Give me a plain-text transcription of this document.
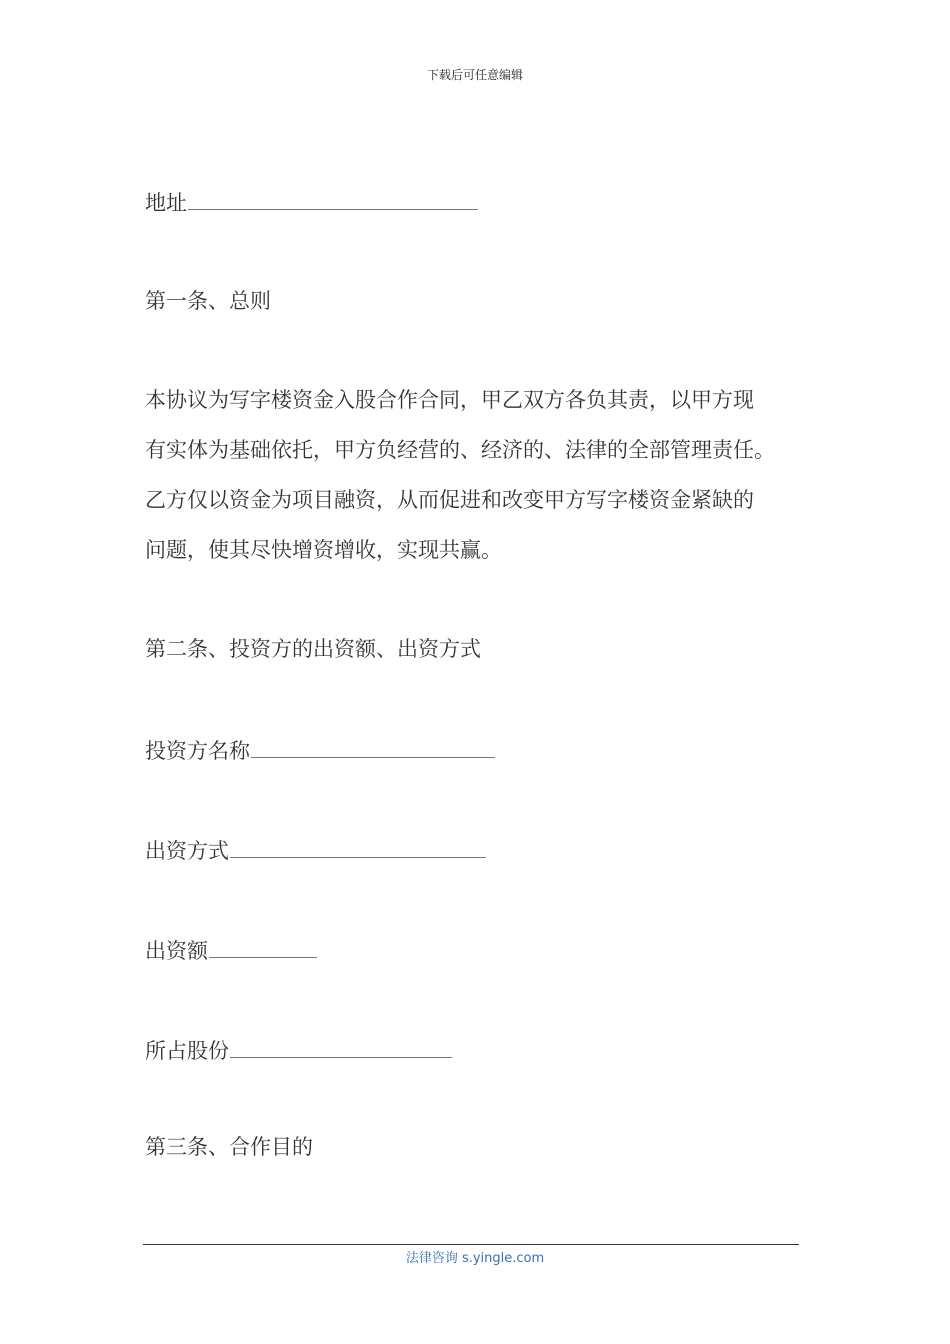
下载后可任意编辑
地址
第一条、总则
本协议为写字楼资金入股合作合同，甲乙双方各负其责，以甲方现
有实体为基础依托，甲方负经营的、经济的、法律的全部管理责任。
乙方仅以资金为项目融资，从而促进和改变甲方写字楼资金紧缺的
问题，使其尽快增资增收，实现共赢。
第二条、投资方的出资额、出资方式
投资方名称
出资方式
出资额
所占股份
第三条、合作目的
法律咨询 s.yingle.com
